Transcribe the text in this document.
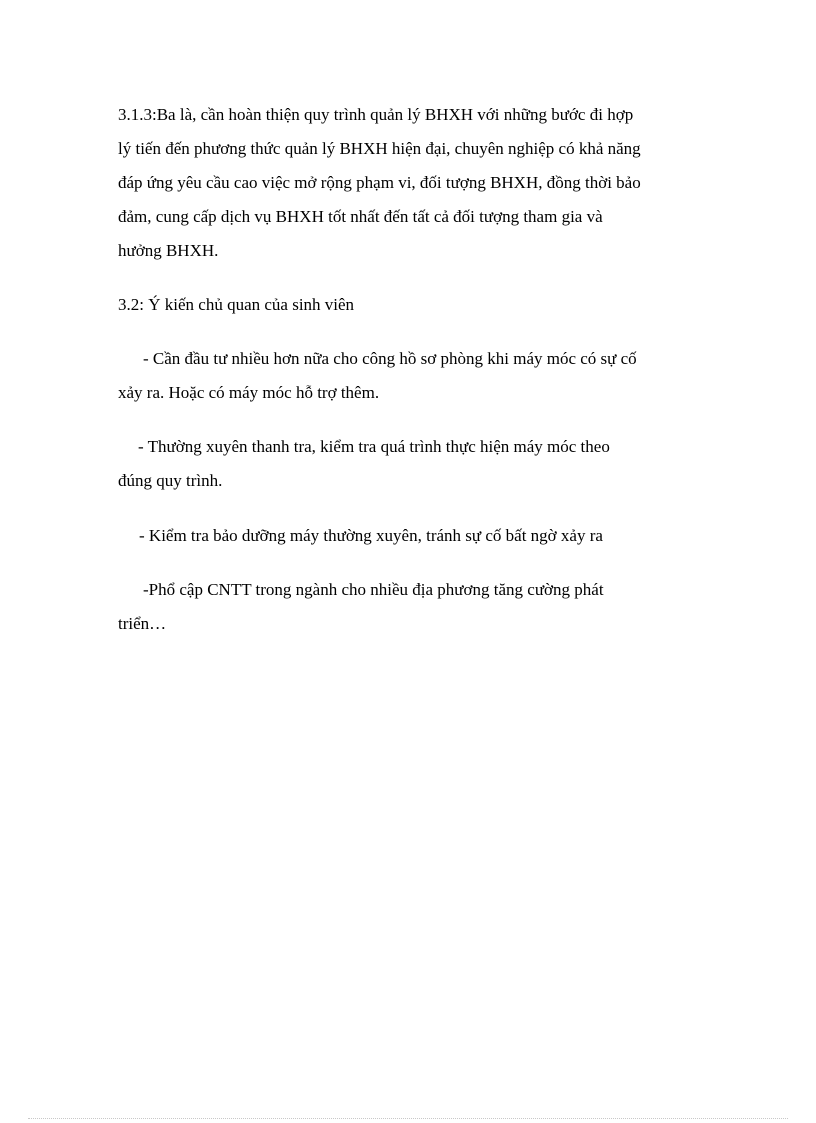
3.1.3:Ba là, cần hoàn thiện quy trình quản lý BHXH với những bước đi hợp
lý tiến đến phương thức quản lý BHXH hiện đại, chuyên nghiệp có khả năng
đáp ứng yêu cầu cao việc mở rộng phạm vi, đối tượng BHXH, đồng thời bảo
đảm, cung cấp dịch vụ BHXH tốt nhất đến tất cả đối tượng tham gia và
hưởng BHXH.

3.2: Ý kiến chủ quan của sinh viên

- Cần đầu tư nhiều hơn nữa cho công hồ sơ phòng khi máy móc có sự cố
xảy ra. Hoặc có máy móc hỗ trợ thêm.

- Thường xuyên thanh tra, kiểm tra quá trình thực hiện máy móc theo
đúng quy trình.

- Kiểm tra bảo dưỡng máy thường xuyên, tránh sự cố bất ngờ xảy ra

-Phổ cập CNTT trong ngành cho nhiều địa phương tăng cường phát
triển…
